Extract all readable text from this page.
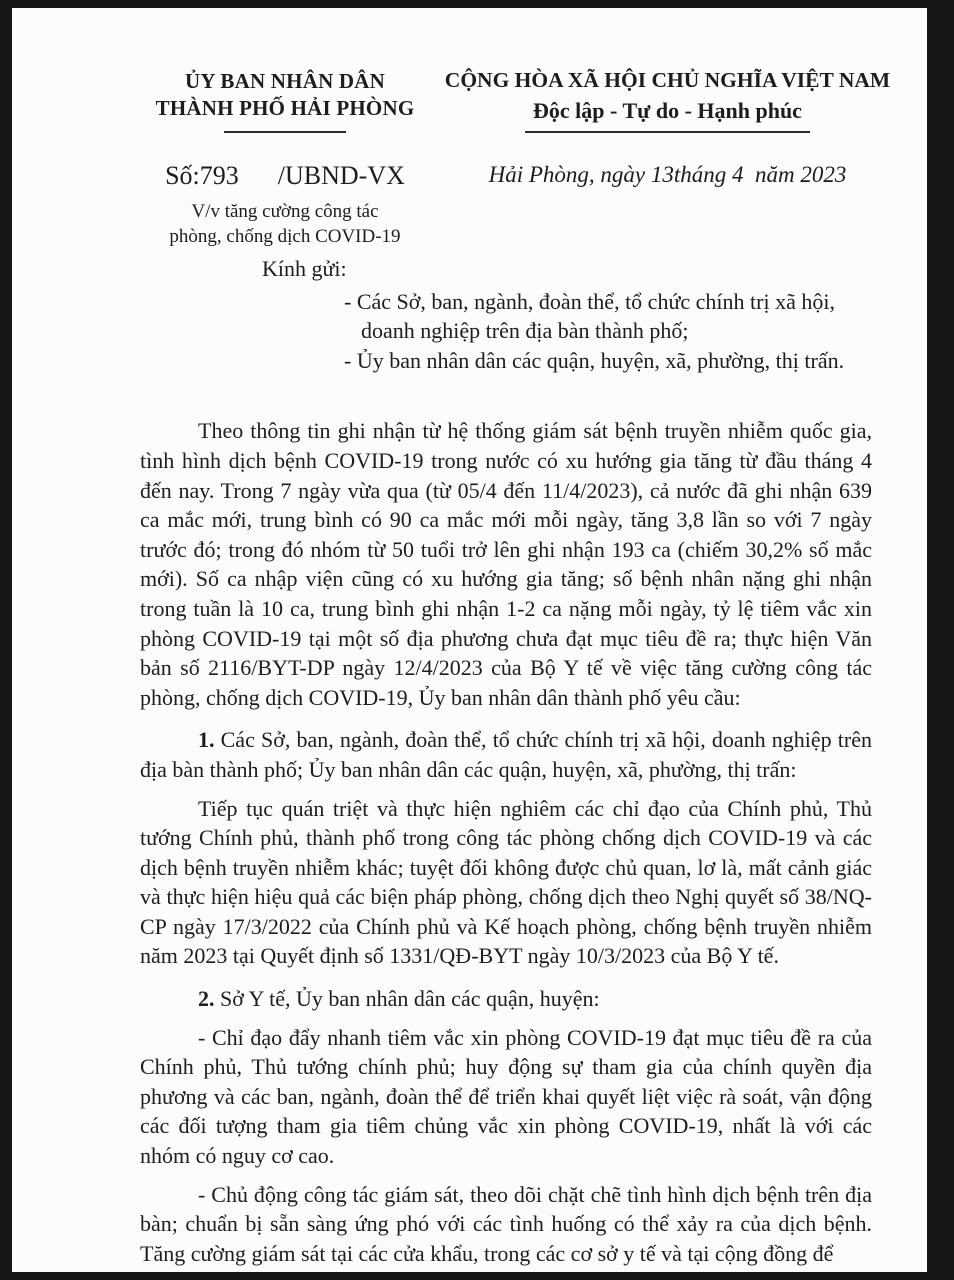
ỦY BAN NHÂN DÂN
THÀNH PHỐ HẢI PHÒNG
Số:793      /UBND-VX
V/v tăng cường công tác
phòng, chống dịch COVID-19
CỘNG HÒA XÃ HỘI CHỦ NGHĨA VIỆT NAM
Độc lập - Tự do - Hạnh phúc
Hải Phòng, ngày 13tháng 4  năm 2023
Kính gửi:
- Các Sở, ban, ngành, đoàn thể, tổ chức chính trị xã hội,
doanh nghiệp trên địa bàn thành phố;
- Ủy ban nhân dân các quận, huyện, xã, phường, thị trấn.

Theo thông tin ghi nhận từ hệ thống giám sát bệnh truyền nhiễm quốc gia, tình hình dịch bệnh COVID-19 trong nước có xu hướng gia tăng từ đầu tháng 4 đến nay. Trong 7 ngày vừa qua (từ 05/4 đến 11/4/2023), cả nước đã ghi nhận 639 ca mắc mới, trung bình có 90 ca mắc mới mỗi ngày, tăng 3,8 lần so với 7 ngày trước đó; trong đó nhóm từ 50 tuổi trở lên ghi nhận 193 ca (chiếm 30,2% số mắc mới). Số ca nhập viện cũng có xu hướng gia tăng; số bệnh nhân nặng ghi nhận trong tuần là 10 ca, trung bình ghi nhận 1-2 ca nặng mỗi ngày, tỷ lệ tiêm vắc xin phòng COVID-19 tại một số địa phương chưa đạt mục tiêu đề ra; thực hiện Văn bản số 2116/BYT-DP ngày 12/4/2023 của Bộ Y tế về việc tăng cường công tác phòng, chống dịch COVID-19, Ủy ban nhân dân thành phố yêu cầu:

1. Các Sở, ban, ngành, đoàn thể, tổ chức chính trị xã hội, doanh nghiệp trên địa bàn thành phố; Ủy ban nhân dân các quận, huyện, xã, phường, thị trấn:

Tiếp tục quán triệt và thực hiện nghiêm các chỉ đạo của Chính phủ, Thủ tướng Chính phủ, thành phố trong công tác phòng chống dịch COVID-19 và các dịch bệnh truyền nhiễm khác; tuyệt đối không được chủ quan, lơ là, mất cảnh giác và thực hiện hiệu quả các biện pháp phòng, chống dịch theo Nghị quyết số 38/NQ-CP ngày 17/3/2022 của Chính phủ và Kế hoạch phòng, chống bệnh truyền nhiễm năm 2023 tại Quyết định số 1331/QĐ-BYT ngày 10/3/2023 của Bộ Y tế.

2. Sở Y tế, Ủy ban nhân dân các quận, huyện:

- Chỉ đạo đẩy nhanh tiêm vắc xin phòng COVID-19 đạt mục tiêu đề ra của Chính phủ, Thủ tướng chính phủ; huy động sự tham gia của chính quyền địa phương và các ban, ngành, đoàn thể để triển khai quyết liệt việc rà soát, vận động các đối tượng tham gia tiêm chủng vắc xin phòng COVID-19, nhất là với các nhóm có nguy cơ cao.

- Chủ động công tác giám sát, theo dõi chặt chẽ tình hình dịch bệnh trên địa bàn; chuẩn bị sẵn sàng ứng phó với các tình huống có thể xảy ra của dịch bệnh. Tăng cường giám sát tại các cửa khẩu, trong các cơ sở y tế và tại cộng đồng để
